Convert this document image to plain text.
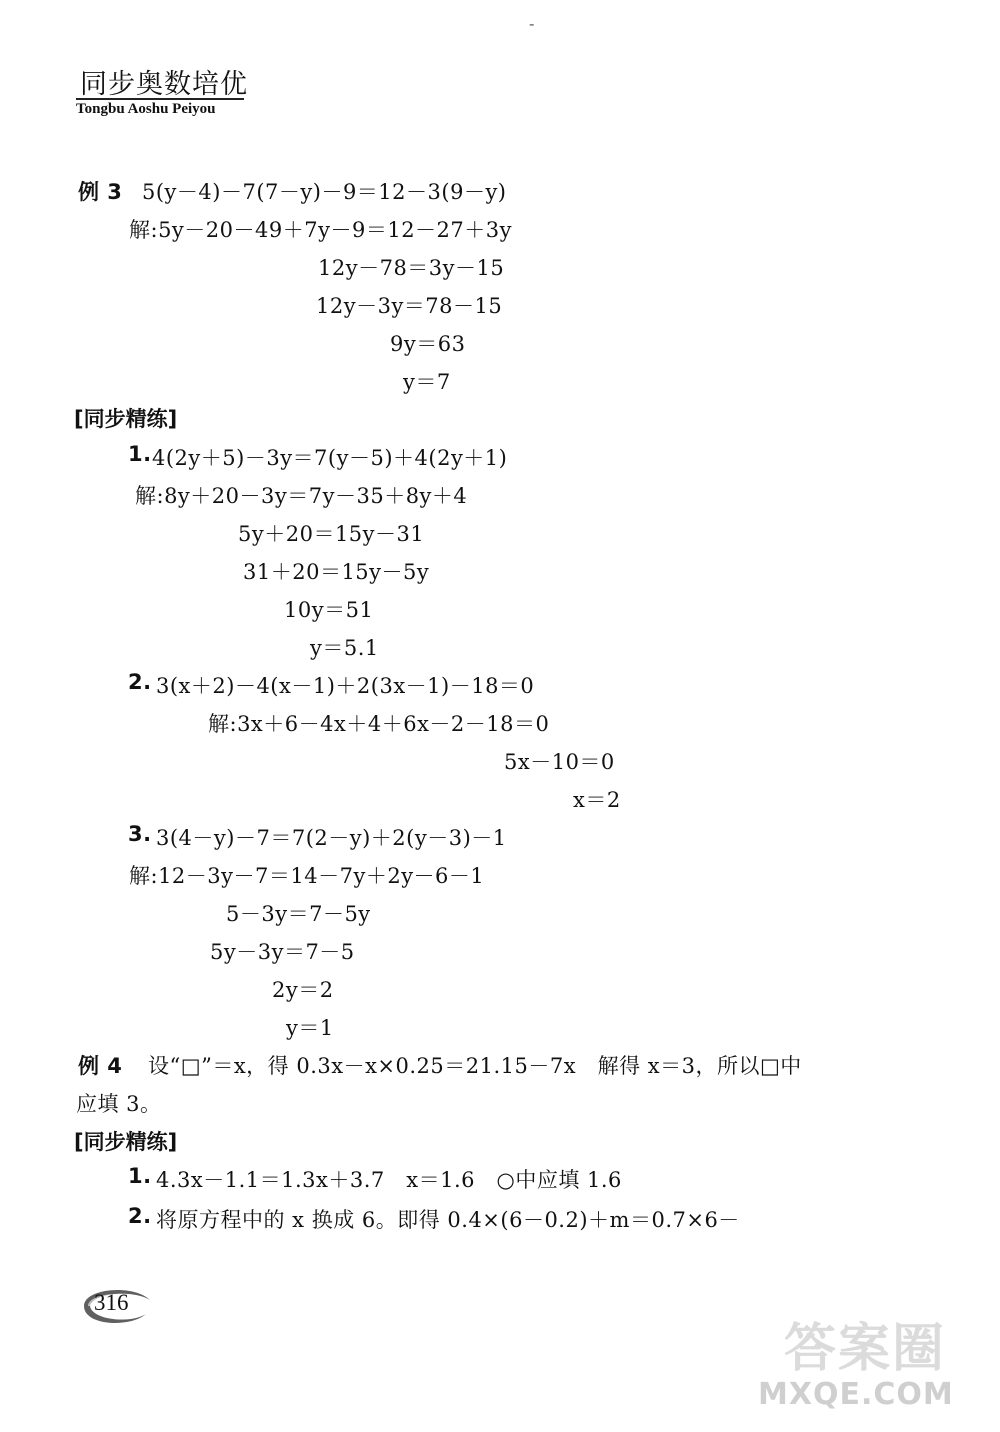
-
同步奥数培优
Tongbu Aoshu Peiyou
例 3 5(y－4)－7(7－y)－9＝12－3(9－y)
解:5y－20－49＋7y－9＝12－27＋3y
12y－78＝3y－15
12y－3y＝78－15
9y＝63
y＝7
[同步精练]
1. 4(2y＋5)－3y＝7(y－5)＋4(2y＋1)
解:8y＋20－3y＝7y－35＋8y＋4
5y＋20＝15y－31
31＋20＝15y－5y
10y＝51
y＝5.1
2. 3(x＋2)－4(x－1)＋2(3x－1)－18＝0
解:3x＋6－4x＋4＋6x－2－18＝0
5x－10＝0
x＝2
3. 3(4－y)－7＝7(2－y)＋2(y－3)－1
解:12－3y－7＝14－7y＋2y－6－1
5－3y＝7－5y
5y－3y＝7－5
2y＝2
y＝1
例 4 设“□”＝x，得 0.3x－x×0.25＝21.15－7x　解得 x＝3，所以□中
应填 3。
[同步精练]
1. 4.3x－1.1＝1.3x＋3.7　x＝1.6　○中应填 1.6
2. 将原方程中的 x 换成 6。即得 0.4×(6－0.2)＋m＝0.7×6－
316
答案圈
MXQE.COM
